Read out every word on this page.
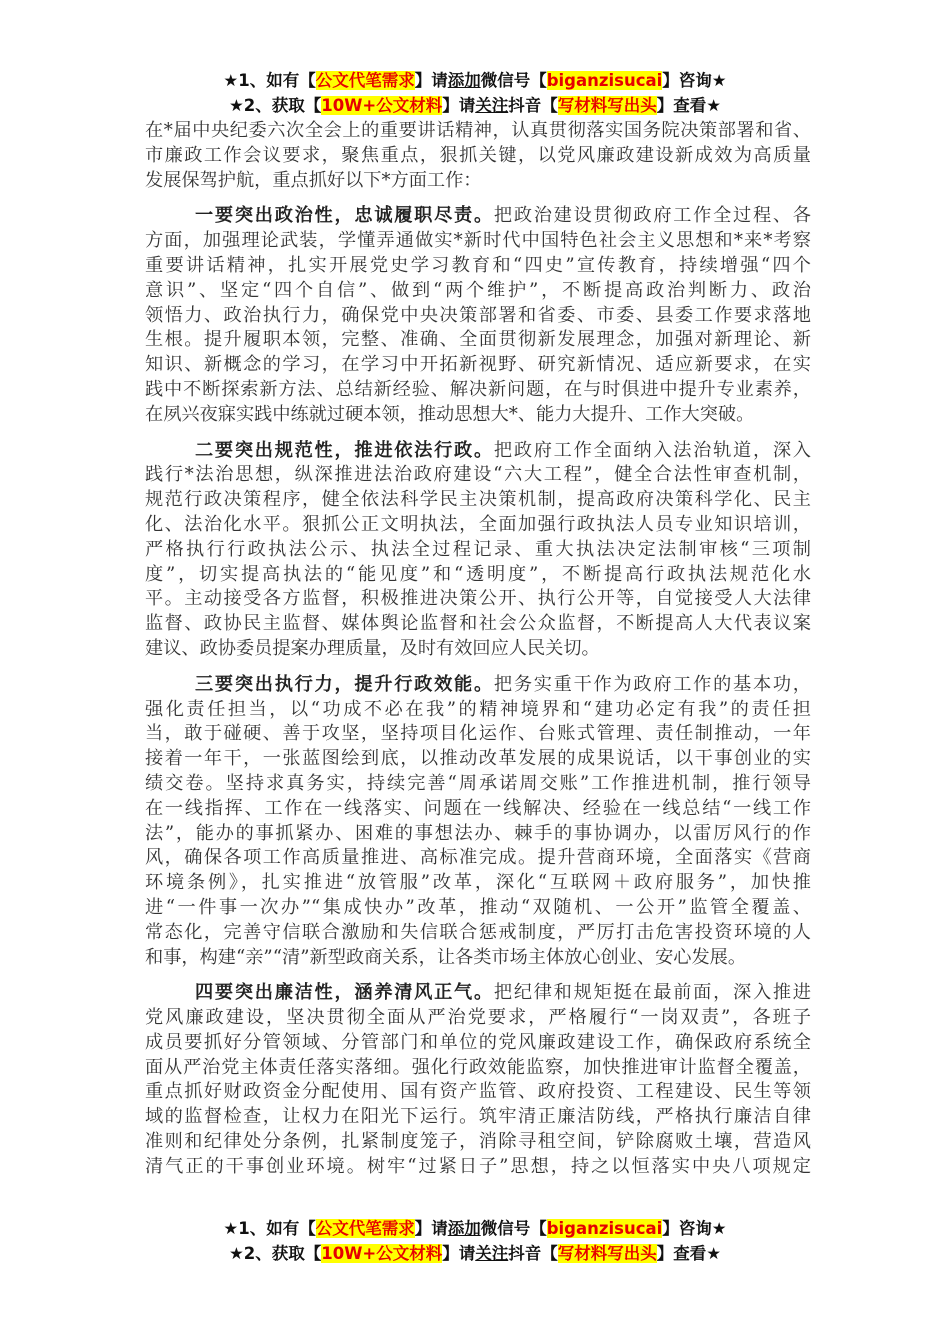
★1、如有【公文代笔需求】请添加微信号【biganzisucai】咨询★
★2、获取【10W+公文材料】请关注抖音【写材料写出头】查看★
在*届中央纪委六次全会上的重要讲话精神，认真贯彻落实国务院决策部署和省、
市廉政工作会议要求，聚焦重点，狠抓关键，以党风廉政建设新成效为高质量
发展保驾护航，重点抓好以下*方面工作：
一要突出政治性，忠诚履职尽责。把政治建设贯彻政府工作全过程、各
方面，加强理论武装，学懂弄通做实*新时代中国特色社会主义思想和*来*考察
重要讲话精神，扎实开展党史学习教育和“四史”宣传教育，持续增强“四个
意识”、坚定“四个自信”、做到“两个维护”，不断提高政治判断力、政治
领悟力、政治执行力，确保党中央决策部署和省委、市委、县委工作要求落地
生根。提升履职本领，完整、准确、全面贯彻新发展理念，加强对新理论、新
知识、新概念的学习，在学习中开拓新视野、研究新情况、适应新要求，在实
践中不断探索新方法、总结新经验、解决新问题，在与时俱进中提升专业素养，
在夙兴夜寐实践中练就过硬本领，推动思想大*、能力大提升、工作大突破。
二要突出规范性，推进依法行政。把政府工作全面纳入法治轨道，深入
践行*法治思想，纵深推进法治政府建设“六大工程”，健全合法性审查机制，
规范行政决策程序，健全依法科学民主决策机制，提高政府决策科学化、民主
化、法治化水平。狠抓公正文明执法，全面加强行政执法人员专业知识培训，
严格执行行政执法公示、执法全过程记录、重大执法决定法制审核“三项制
度”，切实提高执法的“能见度”和“透明度”，不断提高行政执法规范化水
平。主动接受各方监督，积极推进决策公开、执行公开等，自觉接受人大法律
监督、政协民主监督、媒体舆论监督和社会公众监督，不断提高人大代表议案
建议、政协委员提案办理质量，及时有效回应人民关切。
三要突出执行力，提升行政效能。把务实重干作为政府工作的基本功，
强化责任担当，以“功成不必在我”的精神境界和“建功必定有我”的责任担
当，敢于碰硬、善于攻坚，坚持项目化运作、台账式管理、责任制推动，一年
接着一年干，一张蓝图绘到底，以推动改革发展的成果说话，以干事创业的实
绩交卷。坚持求真务实，持续完善“周承诺周交账”工作推进机制，推行领导
在一线指挥、工作在一线落实、问题在一线解决、经验在一线总结“一线工作
法”，能办的事抓紧办、困难的事想法办、棘手的事协调办，以雷厉风行的作
风，确保各项工作高质量推进、高标准完成。提升营商环境，全面落实《营商
环境条例》，扎实推进“放管服”改革，深化“互联网＋政府服务”，加快推
进“一件事一次办”“集成快办”改革，推动“双随机、一公开”监管全覆盖、
常态化，完善守信联合激励和失信联合惩戒制度，严厉打击危害投资环境的人
和事，构建“亲”“清”新型政商关系，让各类市场主体放心创业、安心发展。
四要突出廉洁性，涵养清风正气。把纪律和规矩挺在最前面，深入推进
党风廉政建设，坚决贯彻全面从严治党要求，严格履行“一岗双责”，各班子
成员要抓好分管领域、分管部门和单位的党风廉政建设工作，确保政府系统全
面从严治党主体责任落实落细。强化行政效能监察，加快推进审计监督全覆盖，
重点抓好财政资金分配使用、国有资产监管、政府投资、工程建设、民生等领
域的监督检查，让权力在阳光下运行。筑牢清正廉洁防线，严格执行廉洁自律
准则和纪律处分条例，扎紧制度笼子，消除寻租空间，铲除腐败土壤，营造风
清气正的干事创业环境。树牢“过紧日子”思想，持之以恒落实中央八项规定
★1、如有【公文代笔需求】请添加微信号【biganzisucai】咨询★
★2、获取【10W+公文材料】请关注抖音【写材料写出头】查看★
